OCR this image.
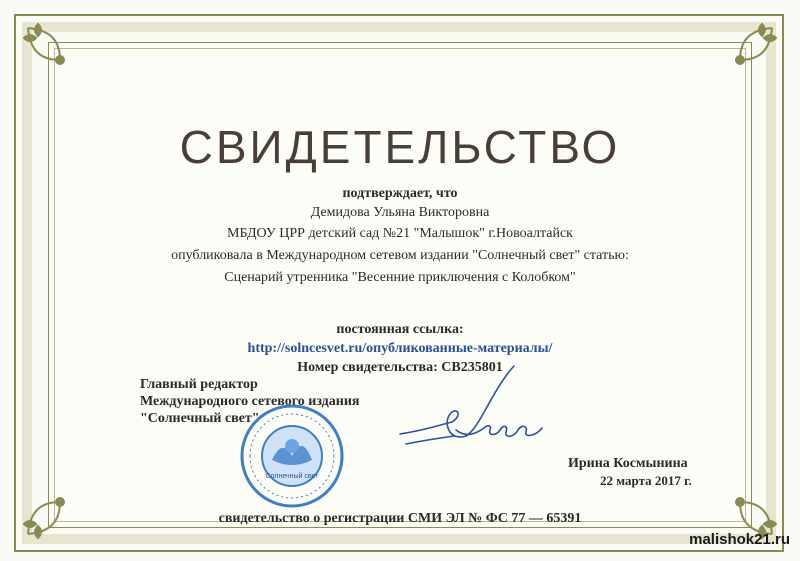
СВИДЕТЕЛЬСТВО
подтверждает, что
Демидова Ульяна Викторовна
МБДОУ ЦРР детский сад №21 "Малышок" г.Новоалтайск
опубликовала в Международном сетевом издании "Солнечный свет" статью:
Сценарий утренника "Весенние приключения с Колобком"
постоянная ссылка:
http://solncesvet.ru/опубликованные-материалы/
Номер свидетельства: СВ235801
Главный редактор
Международного сетевого издания
"Солнечный свет"
Солнечный свет
Ирина Космынина
22 марта 2017 г.
свидетельство о регистрации СМИ ЭЛ № ФС 77 — 65391
malishok21.ru
